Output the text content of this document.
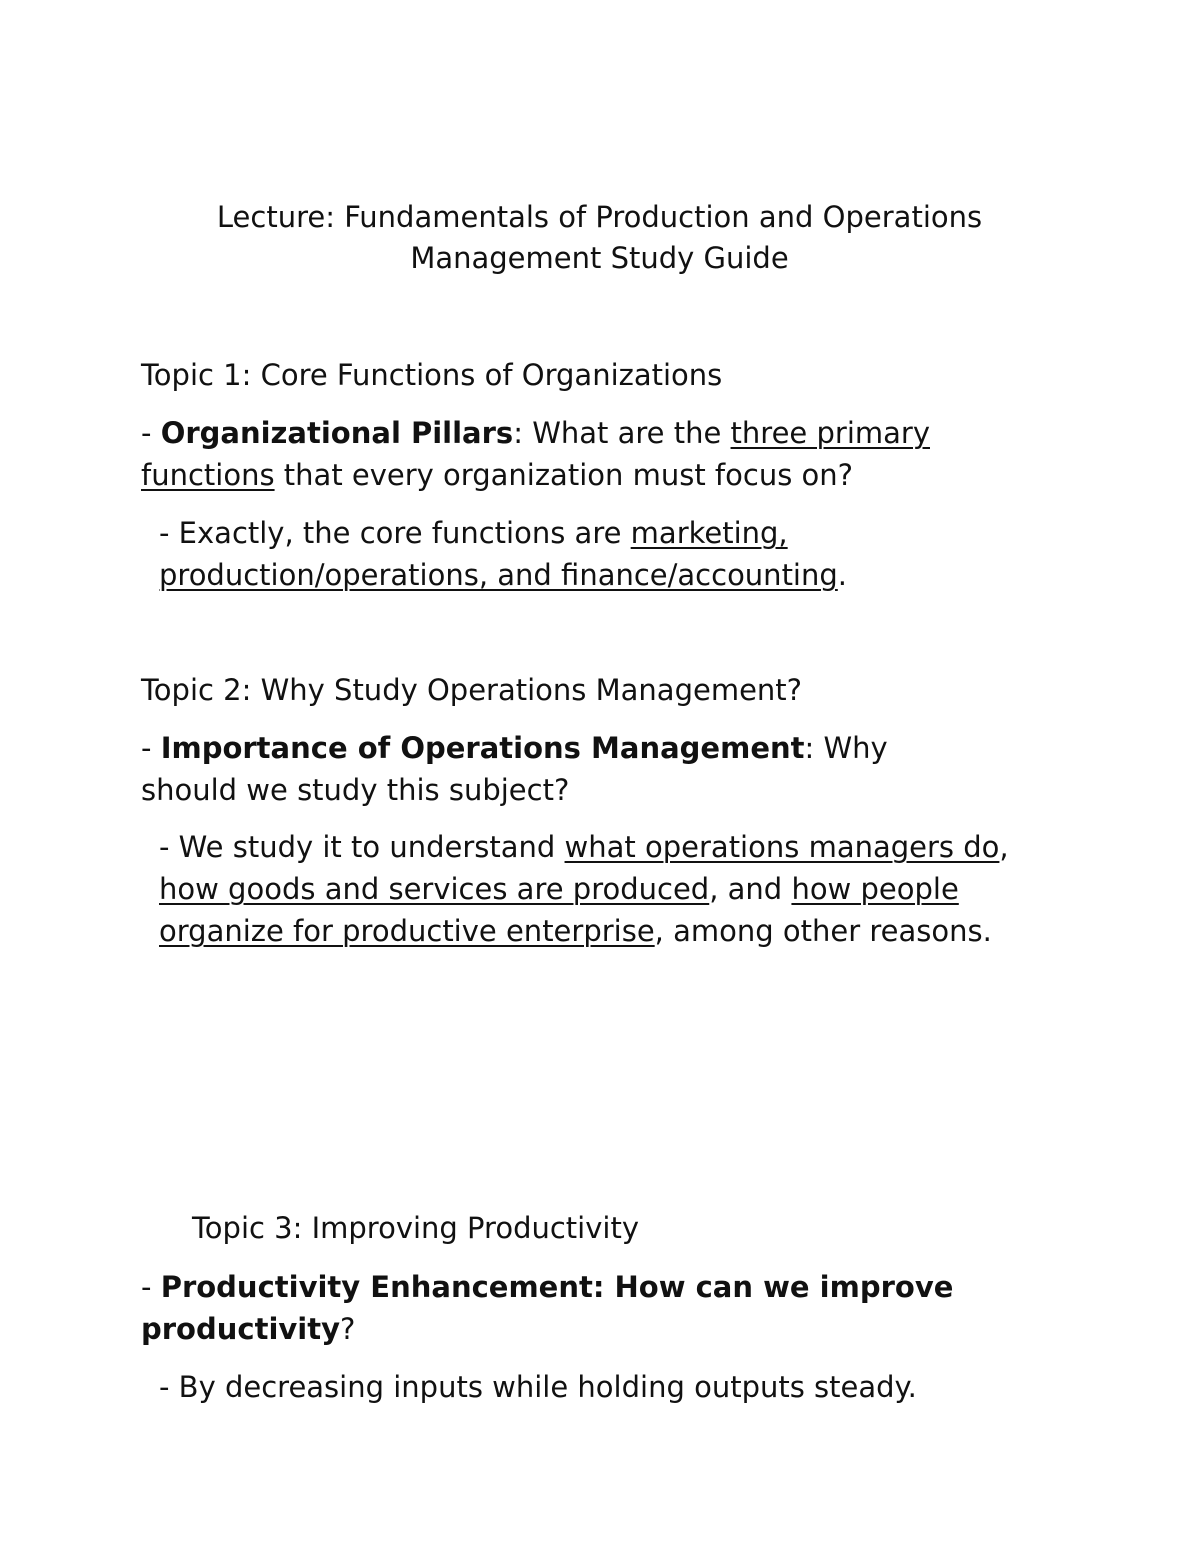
Lecture: Fundamentals of Production and Operations
Management Study Guide
Topic 1: Core Functions of Organizations
- Organizational Pillars: What are the three primary functions that every organization must focus on?
- Exactly, the core functions are marketing, production/operations, and finance/accounting.
Topic 2: Why Study Operations Management?
- Importance of Operations Management: Why should we study this subject?
- We study it to understand what operations managers do, how goods and services are produced, and how people organize for productive enterprise, among other reasons.
Topic 3: Improving Productivity
- Productivity Enhancement: How can we improve productivity?
- By decreasing inputs while holding outputs steady.
